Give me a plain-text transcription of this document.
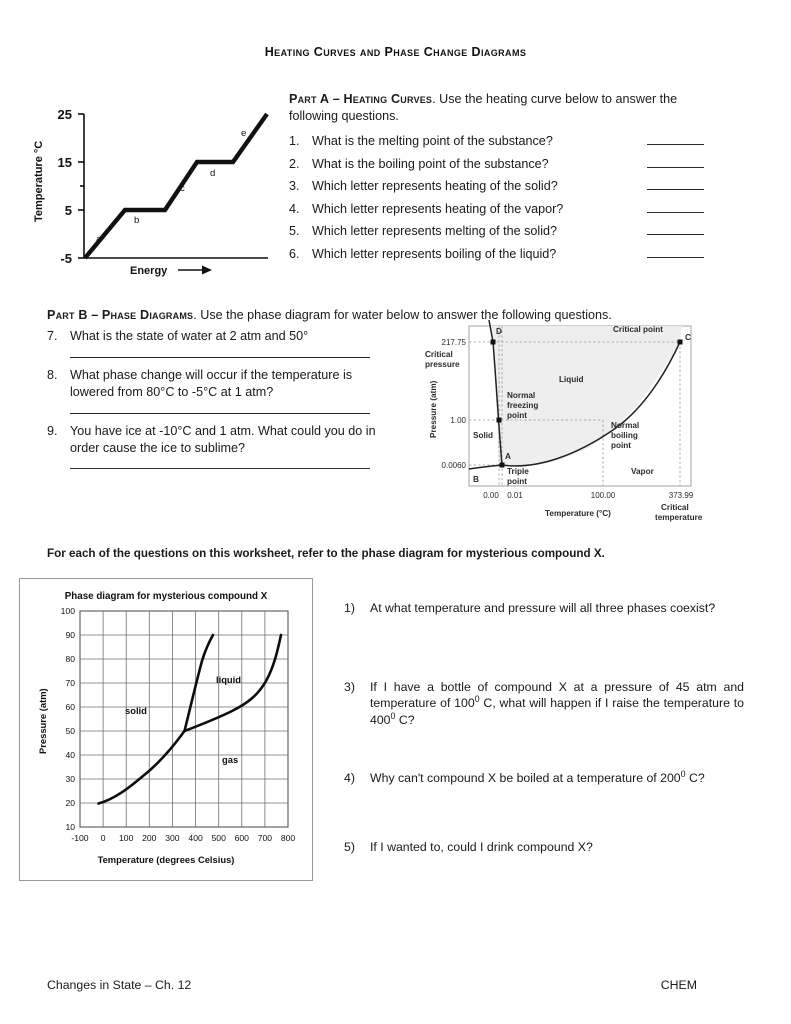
Heating Curves and Phase Change Diagrams
25
15
5
-5
Temperature °C
a
b
c
d
e
Energy
Part A – Heating Curves. Use the heating curve below to answer the following questions.
1. What is the melting point of the substance?
2. What is the boiling point of the substance?
3. Which letter represents heating of the solid?
4. Which letter represents heating of the vapor?
5. Which letter represents melting of the solid?
6. Which letter represents boiling of the liquid?
Part B – Phase Diagrams. Use the phase diagram for water below to answer the following questions.
7. What is the state of water at 2 atm and 50°
8. What phase change will occur if the temperature is lowered from 80°C to -5°C at 1 atm?
9. You have ice at -10°C and 1 atm. What could you do in order cause the ice to sublime?
217.75
1.00
0.0060
Critical
pressure
Pressure (atm)
0.00 0.01	100.00	373.99
Temperature (°C)
Critical
temperature
D
C
A
B
Critical point
Liquid
Solid
Vapor
Normal
freezing
point
Normal
boiling
point
Triple
point
For each of the questions on this worksheet, refer to the phase diagram for mysterious compound X.
Phase diagram for mysterious compound X
100
90
80
70
60
50
40
30
20
10
-100 0 100 200 300 400 500 600 700 800
Pressure (atm)
Temperature (degrees Celsius)
solid
liquid
gas
1)	At what temperature and pressure will all three phases coexist?
3)	If I have a bottle of compound X at a pressure of 45 atm and temperature of $100^0$ C, what will happen if I raise the temperature to $400^0$ C?
4)	Why can't compound X be boiled at a temperature of $200^0$ C?
5)	If I wanted to, could I drink compound X?
Changes in State – Ch. 12	CHEM
